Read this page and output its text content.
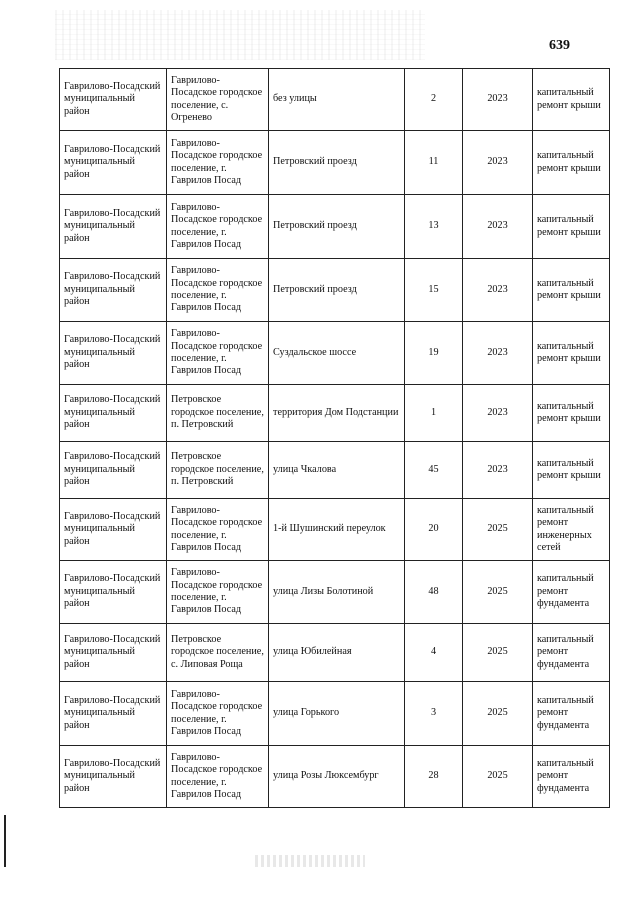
639
Гаврилово-Посадский муниципальный район	Гаврилово-Посадское городское поселение, с. Огренево	без улицы	2	2023	капитальный ремонт крыши
Гаврилово-Посадский муниципальный район	Гаврилово-Посадское городское поселение, г. Гаврилов Посад	Петровский проезд	11	2023	капитальный ремонт крыши
Гаврилово-Посадский муниципальный район	Гаврилово-Посадское городское поселение, г. Гаврилов Посад	Петровский проезд	13	2023	капитальный ремонт крыши
Гаврилово-Посадский муниципальный район	Гаврилово-Посадское городское поселение, г. Гаврилов Посад	Петровский проезд	15	2023	капитальный ремонт крыши
Гаврилово-Посадский муниципальный район	Гаврилово-Посадское городское поселение, г. Гаврилов Посад	Суздальское шоссе	19	2023	капитальный ремонт крыши
Гаврилово-Посадский муниципальный район	Петровское городское поселение, п. Петровский	территория Дом Подстанции	1	2023	капитальный ремонт крыши
Гаврилово-Посадский муниципальный район	Петровское городское поселение, п. Петровский	улица Чкалова	45	2023	капитальный ремонт крыши
Гаврилово-Посадский муниципальный район	Гаврилово-Посадское городское поселение, г. Гаврилов Посад	1-й Шушинский переулок	20	2025	капитальный ремонт инженерных сетей
Гаврилово-Посадский муниципальный район	Гаврилово-Посадское городское поселение, г. Гаврилов Посад	улица Лизы Болотиной	48	2025	капитальный ремонт фундамента
Гаврилово-Посадский муниципальный район	Петровское городское поселение, с. Липовая Роща	улица Юбилейная	4	2025	капитальный ремонт фундамента
Гаврилово-Посадский муниципальный район	Гаврилово-Посадское городское поселение, г. Гаврилов Посад	улица Горького	3	2025	капитальный ремонт фундамента
Гаврилово-Посадский муниципальный район	Гаврилово-Посадское городское поселение, г. Гаврилов Посад	улица Розы Люксембург	28	2025	капитальный ремонт фундамента
